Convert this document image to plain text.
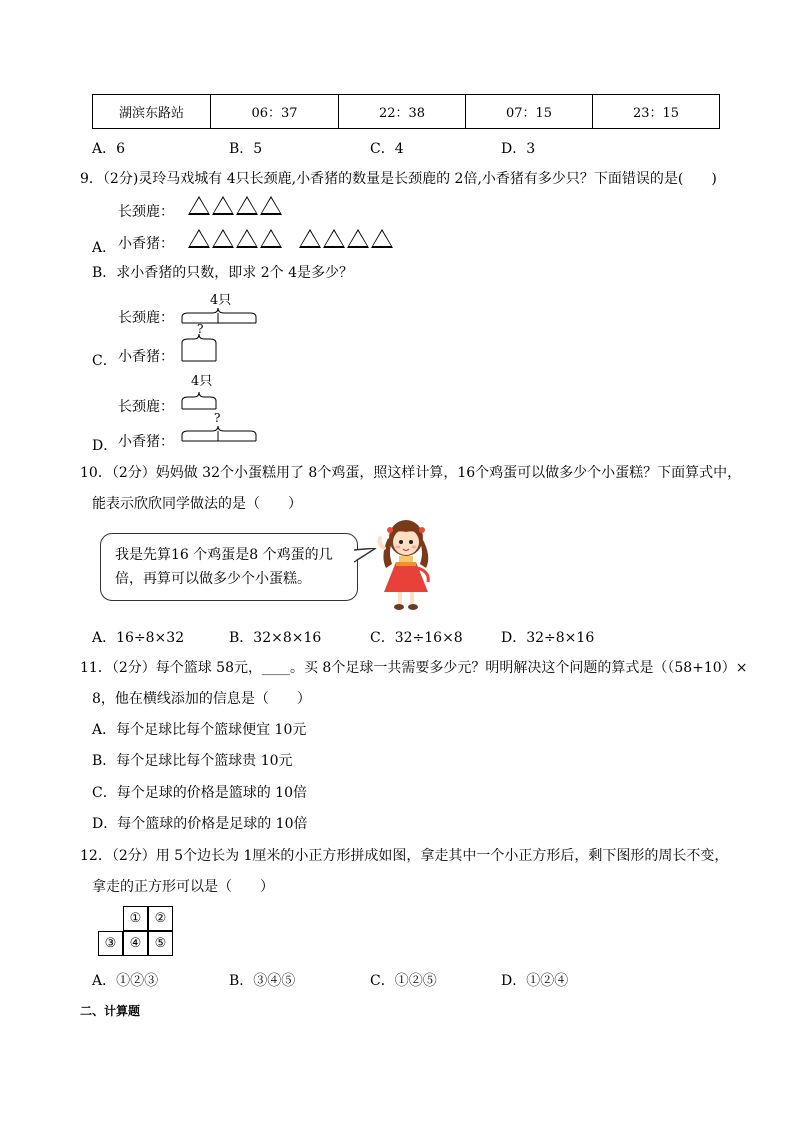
湖滨东路站	06：37	22：38	07：15	23：15
A．6	B．5	C．4	D．3
9．（2分)灵玲马戏城有 4只长颈鹿,小香猪的数量是长颈鹿的 2倍,小香猪有多少只？下面错误的是(　　)
长颈鹿：
A． 小香猪：

B．求小香猪的只数，即求 2个 4是多少？
4只
长颈鹿：
?
C． 小香猪：
4只
长颈鹿：
?
D． 小香猪：
10．（2分）妈妈做 32个小蛋糕用了 8个鸡蛋，照这样计算，16个鸡蛋可以做多少个小蛋糕？下面算式中，
能表示欣欣同学做法的是（　　）
我是先算16 个鸡蛋是8 个鸡蛋的几倍，再算可以做多少个小蛋糕。
A．16÷8×32	B．32×8×16	C．32÷16×8	D．32÷8×16
11．（2分）每个篮球 58元，____。买 8个足球一共需要多少元？明明解决这个问题的算式是（（58+10）×
8，他在横线添加的信息是（　　）
A．每个足球比每个篮球便宜 10元
B．每个足球比每个篮球贵 10元
C．每个足球的价格是篮球的 10倍
D．每个篮球的价格是足球的 10倍
12．（2分）用 5个边长为 1厘米的小正方形拼成如图，拿走其中一个小正方形后，剩下图形的周长不变，
拿走的正方形可以是（　　）
①	②
③	④	⑤
A．①②③	B．③④⑤	C．①②⑤	D．①②④
二、计算题
